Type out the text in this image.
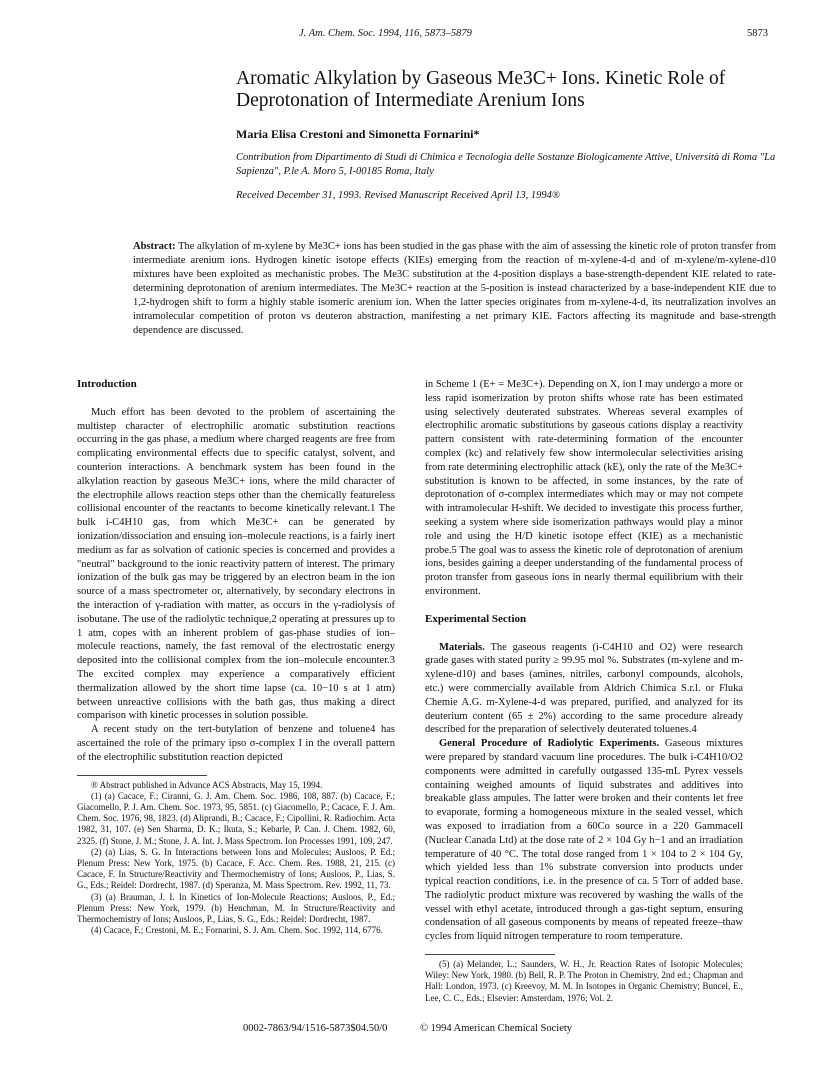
J. Am. Chem. Soc. 1994, 116, 5873–5879	5873
Aromatic Alkylation by Gaseous Me3C+ Ions. Kinetic Role of Deprotonation of Intermediate Arenium Ions
Maria Elisa Crestoni and Simonetta Fornarini*
Contribution from Dipartimento di Studi di Chimica e Tecnologia delle Sostanze Biologicamente Attive, Università di Roma "La Sapienza", P.le A. Moro 5, I-00185 Roma, Italy
Received December 31, 1993. Revised Manuscript Received April 13, 1994®
Abstract: The alkylation of m-xylene by Me3C+ ions has been studied in the gas phase with the aim of assessing the kinetic role of proton transfer from intermediate arenium ions. Hydrogen kinetic isotope effects (KIEs) emerging from the reaction of m-xylene-4-d and of m-xylene/m-xylene-d10 mixtures have been exploited as mechanistic probes. The Me3C substitution at the 4-position displays a base-strength-dependent KIE related to rate-determining deprotonation of arenium intermediates. The Me3C+ reaction at the 5-position is instead characterized by a base-independent KIE due to 1,2-hydrogen shift to form a highly stable isomeric arenium ion. When the latter species originates from m-xylene-4-d, its neutralization involves an intramolecular competition of proton vs deuteron abstraction, manifesting a net primary KIE. Factors affecting its magnitude and base-strength dependence are discussed.
Introduction

Much effort has been devoted to the problem of ascertaining the multistep character of electrophilic aromatic substitution reactions occurring in the gas phase, a medium where charged reagents are free from complicating environmental effects due to specific catalyst, solvent, and counterion interactions. A benchmark system has been found in the alkylation reaction by gaseous Me3C+ ions, where the mild character of the electrophile allows reaction steps other than the chemically featureless collisional encounter of the reactants to become kinetically relevant.1 The bulk i-C4H10 gas, from which Me3C+ can be generated by ionization/dissociation and ensuing ion–molecule reactions, is a fairly inert medium as far as solvation of cationic species is concerned and provides a "neutral" background to the ionic reactivity pattern of interest. The primary ionization of the bulk gas may be triggered by an electron beam in the ion source of a mass spectrometer or, alternatively, by secondary electrons in the interaction of γ-radiation with matter, as occurs in the γ-radiolysis of isobutane. The use of the radiolytic technique,2 operating at pressures up to 1 atm, copes with an inherent problem of gas-phase studies of ion–molecule reactions, namely, the fast removal of the electrostatic energy deposited into the collisional complex from the ion–molecule encounter.3 The excited complex may experience a comparatively efficient thermalization allowed by the short time lapse (ca. 10−10 s at 1 atm) between unreactive collisions with the bath gas, thus making a direct comparison with kinetic processes in solution possible.

A recent study on the tert-butylation of benzene and toluene4 has ascertained the role of the primary ipso σ-complex I in the overall pattern of the electrophilic substitution reaction depicted

® Abstract published in Advance ACS Abstracts, May 15, 1994.

(1) (a) Cacace, F.; Ciranni, G. J. Am. Chem. Soc. 1986, 108, 887. (b) Cacace, F.; Giacomello, P. J. Am. Chem. Soc. 1973, 95, 5851. (c) Giacomello, P.; Cacace, F. J. Am. Chem. Soc. 1976, 98, 1823. (d) Aliprandi, B.; Cacace, F.; Cipollini, R. Radiochim. Acta 1982, 31, 107. (e) Sen Sharma, D. K.; Ikuta, S.; Kebarle, P. Can. J. Chem. 1982, 60, 2325. (f) Stone, J. M.; Stone, J. A. Int. J. Mass Spectrom. Ion Processes 1991, 109, 247.

(2) (a) Lias, S. G. In Interactions between Ions and Molecules; Ausloos, P. Ed.; Plenum Press: New York, 1975. (b) Cacace, F. Acc. Chem. Res. 1988, 21, 215. (c) Cacace, F. In Structure/Reactivity and Thermochemistry of Ions; Ausloos, P., Lias, S. G., Eds.; Reidel: Dordrecht, 1987. (d) Speranza, M. Mass Spectrom. Rev. 1992, 11, 73.

(3) (a) Brauman, J. I. In Kinetics of Ion-Molecule Reactions; Ausloos, P., Ed.; Plenum Press: New York, 1979. (b) Henchman, M. In Structure/Reactivity and Thermochemistry of Ions; Ausloos, P., Lias, S. G., Eds.; Reidel: Dordrecht, 1987.

(4) Cacace, F.; Crestoni, M. E.; Fornarini, S. J. Am. Chem. Soc. 1992, 114, 6776.

in Scheme 1 (E+ = Me3C+). Depending on X, ion I may undergo a more or less rapid isomerization by proton shifts whose rate has been estimated using selectively deuterated substrates. Whereas several examples of electrophilic aromatic substitutions by gaseous cations display a reactivity pattern consistent with rate-determining formation of the encounter complex (kc) and relatively few show intermolecular selectivities arising from rate determining electrophilic attack (kE), only the rate of the Me3C+ substitution is known to be affected, in some instances, by the rate of deprotonation of σ-complex intermediates which may or may not compete with intramolecular H-shift. We decided to investigate this process further, seeking a system where side isomerization pathways would play a minor role and using the H/D kinetic isotope effect (KIE) as a mechanistic probe.5 The goal was to assess the kinetic role of deprotonation of arenium ions, besides gaining a deeper understanding of the fundamental process of proton transfer from gaseous ions in nearly thermal equilibrium with their environment.

Experimental Section

Materials. The gaseous reagents (i-C4H10 and O2) were research grade gases with stated purity ≥ 99.95 mol %. Substrates (m-xylene and m-xylene-d10) and bases (amines, nitriles, carbonyl compounds, alcohols, etc.) were commercially available from Aldrich Chimica S.r.l. or Fluka Chemie A.G. m-Xylene-4-d was prepared, purified, and analyzed for its deuterium content (65 ± 2%) according to the same procedure already described for the preparation of selectively deuterated toluenes.4

General Procedure of Radiolytic Experiments. Gaseous mixtures were prepared by standard vacuum line procedures. The bulk i-C4H10/O2 components were admitted in carefully outgassed 135-mL Pyrex vessels containing weighed amounts of liquid substrates and additives into breakable glass ampules. The latter were broken and their contents let free to evaporate, forming a homogeneous mixture in the sealed vessel, which was exposed to irradiation from a 60Co source in a 220 Gammacell (Nuclear Canada Ltd) at the dose rate of 2 × 104 Gy h−1 and an irradiation temperature of 40 °C. The total dose ranged from 1 × 104 to 2 × 104 Gy, which yielded less than 1% substrate conversion into products under typical reaction conditions, i.e. in the presence of ca. 5 Torr of added base. The radiolytic product mixture was recovered by washing the walls of the vessel with ethyl acetate, introduced through a gas-tight septum, ensuring condensation of all gaseous components by means of repeated freeze–thaw cycles from liquid nitrogen temperature to room temperature.

(5) (a) Melander, L.; Saunders, W. H., Jr. Reaction Rates of Isotopic Molecules; Wiley: New York, 1980. (b) Bell, R. P. The Proton in Chemistry, 2nd ed.; Chapman and Hall: London, 1973. (c) Kreevoy, M. M. In Isotopes in Organic Chemistry; Buncel, E., Lee, C. C., Eds.; Elsevier: Amsterdam, 1976; Vol. 2.

0002-7863/94/1516-5873$04.50/0	© 1994 American Chemical Society
